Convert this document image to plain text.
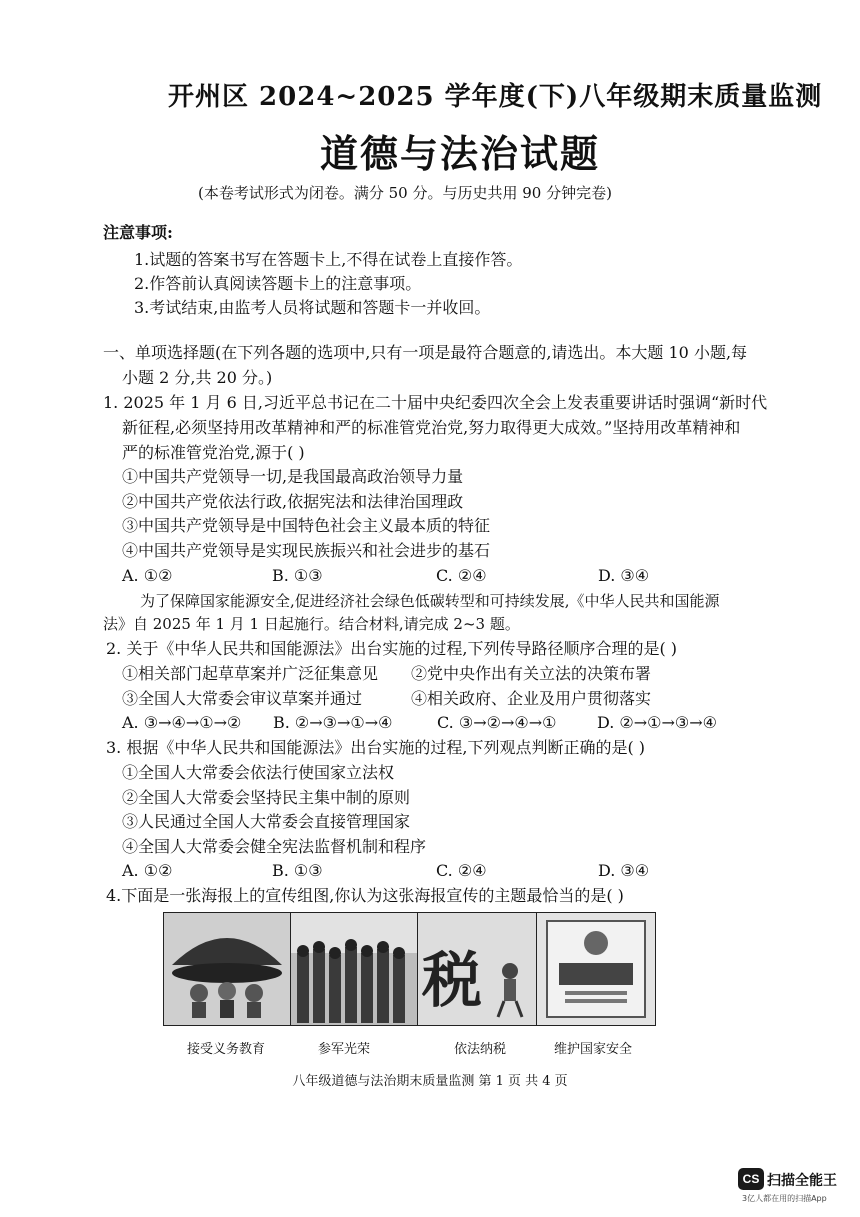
开州区 2024~2025 学年度(下)八年级期末质量监测
道德与法治试题
(本卷考试形式为闭卷。满分 50 分。与历史共用 90 分钟完卷)
注意事项:
1.试题的答案书写在答题卡上,不得在试卷上直接作答。
2.作答前认真阅读答题卡上的注意事项。
3.考试结束,由监考人员将试题和答题卡一并收回。
一、单项选择题(在下列各题的选项中,只有一项是最符合题意的,请选出。本大题 10 小题,每
小题 2 分,共 20 分。)
1. 2025 年 1 月 6 日,习近平总书记在二十届中央纪委四次全会上发表重要讲话时强调“新时代
新征程,必须坚持用改革精神和严的标准管党治党,努力取得更大成效。”坚持用改革精神和
严的标准管党治党,源于( )
①中国共产党领导一切,是我国最高政治领导力量
②中国共产党依法行政,依据宪法和法律治国理政
③中国共产党领导是中国特色社会主义最本质的特征
④中国共产党领导是实现民族振兴和社会进步的基石
A. ①②	B. ①③	C. ②④	D. ③④
为了保障国家能源安全,促进经济社会绿色低碳转型和可持续发展,《中华人民共和国能源
法》自 2025 年 1 月 1 日起施行。结合材料,请完成 2~3 题。
2. 关于《中华人民共和国能源法》出台实施的过程,下列传导路径顺序合理的是( )
①相关部门起草草案并广泛征集意见 ②党中央作出有关立法的决策布署
③全国人大常委会审议草案并通过	④相关政府、企业及用户贯彻落实
A. ③→④→①→② B. ②→③→①→④	C. ③→②→④→①	D. ②→①→③→④
3. 根据《中华人民共和国能源法》出台实施的过程,下列观点判断正确的是( )
①全国人大常委会依法行使国家立法权
②全国人大常委会坚持民主集中制的原则
③人民通过全国人大常委会直接管理国家
④全国人大常委会健全宪法监督机制和程序
A. ①②	B. ①③	C. ②④	D. ③④
4.下面是一张海报上的宣传组图,你认为这张海报宣传的主题最恰当的是( )
税
接受义务教育	参军光荣	依法纳税	维护国家安全
八年级道德与法治期末质量监测 第 1 页 共 4 页
CS 扫描全能王
3亿人都在用的扫描App
